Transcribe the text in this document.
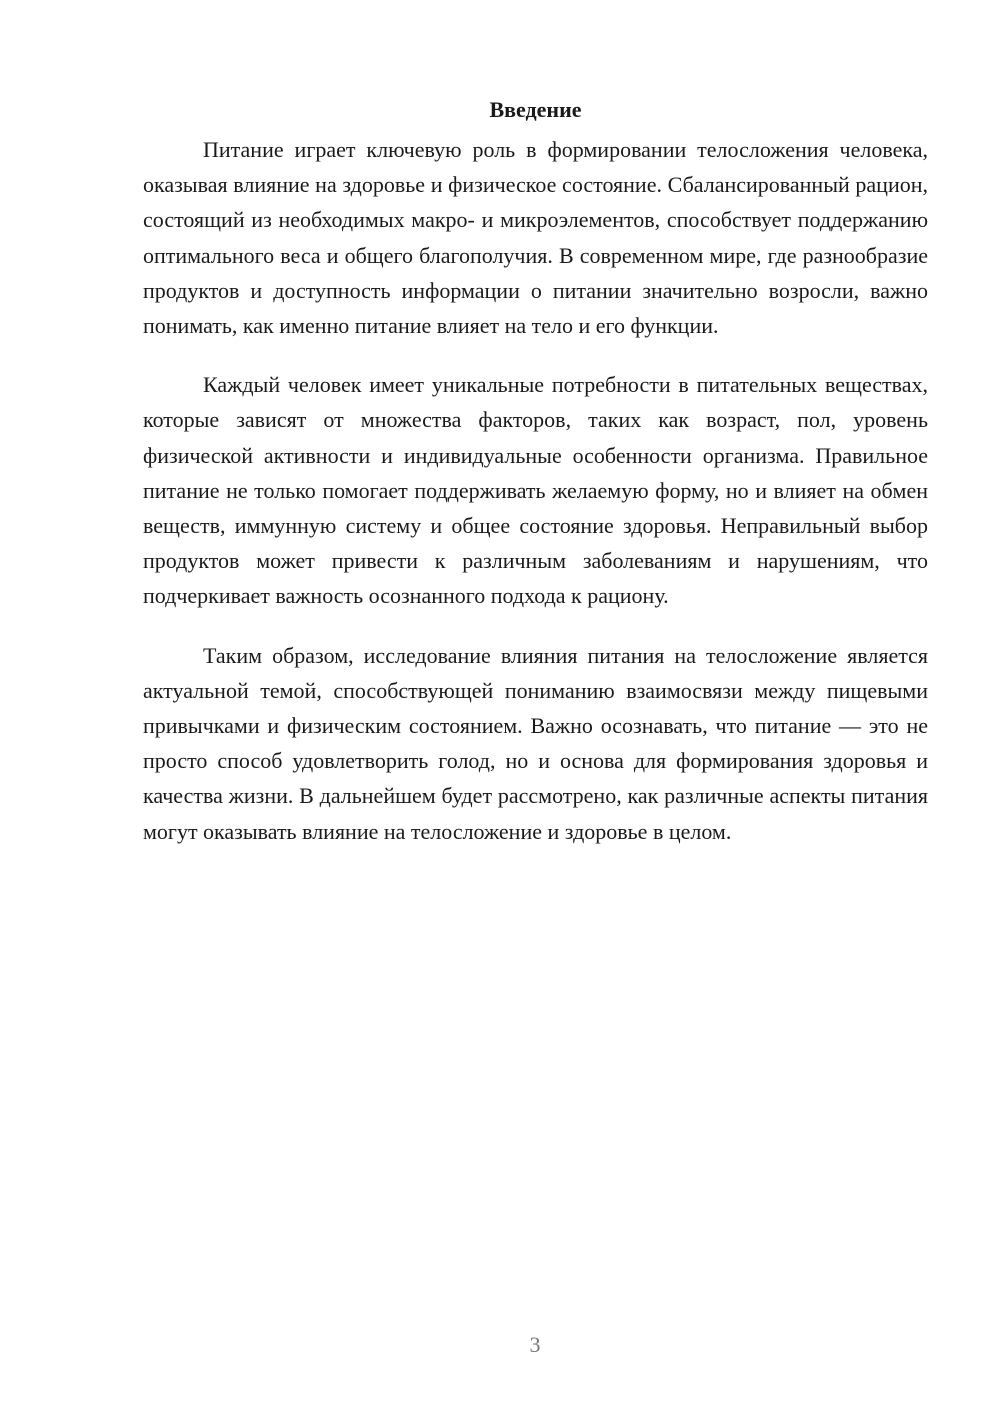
Введение

Питание играет ключевую роль в формировании телосложения человека, оказывая влияние на здоровье и физическое состояние. Сбалансированный рацион, состоящий из необходимых макро- и микроэлементов, способствует поддержанию оптимального веса и общего благополучия. В современном мире, где разнообразие продуктов и доступность информации о питании значительно возросли, важно понимать, как именно питание влияет на тело и его функции.

Каждый человек имеет уникальные потребности в питательных веществах, которые зависят от множества факторов, таких как возраст, пол, уровень физической активности и индивидуальные особенности организма. Правильное питание не только помогает поддерживать желаемую форму, но и влияет на обмен веществ, иммунную систему и общее состояние здоровья. Неправильный выбор продуктов может привести к различным заболеваниям и нарушениям, что подчеркивает важность осознанного подхода к рациону.

Таким образом, исследование влияния питания на телосложение является актуальной темой, способствующей пониманию взаимосвязи между пищевыми привычками и физическим состоянием. Важно осознавать, что питание — это не просто способ удовлетворить голод, но и основа для формирования здоровья и качества жизни. В дальнейшем будет рассмотрено, как различные аспекты питания могут оказывать влияние на телосложение и здоровье в целом.

3
